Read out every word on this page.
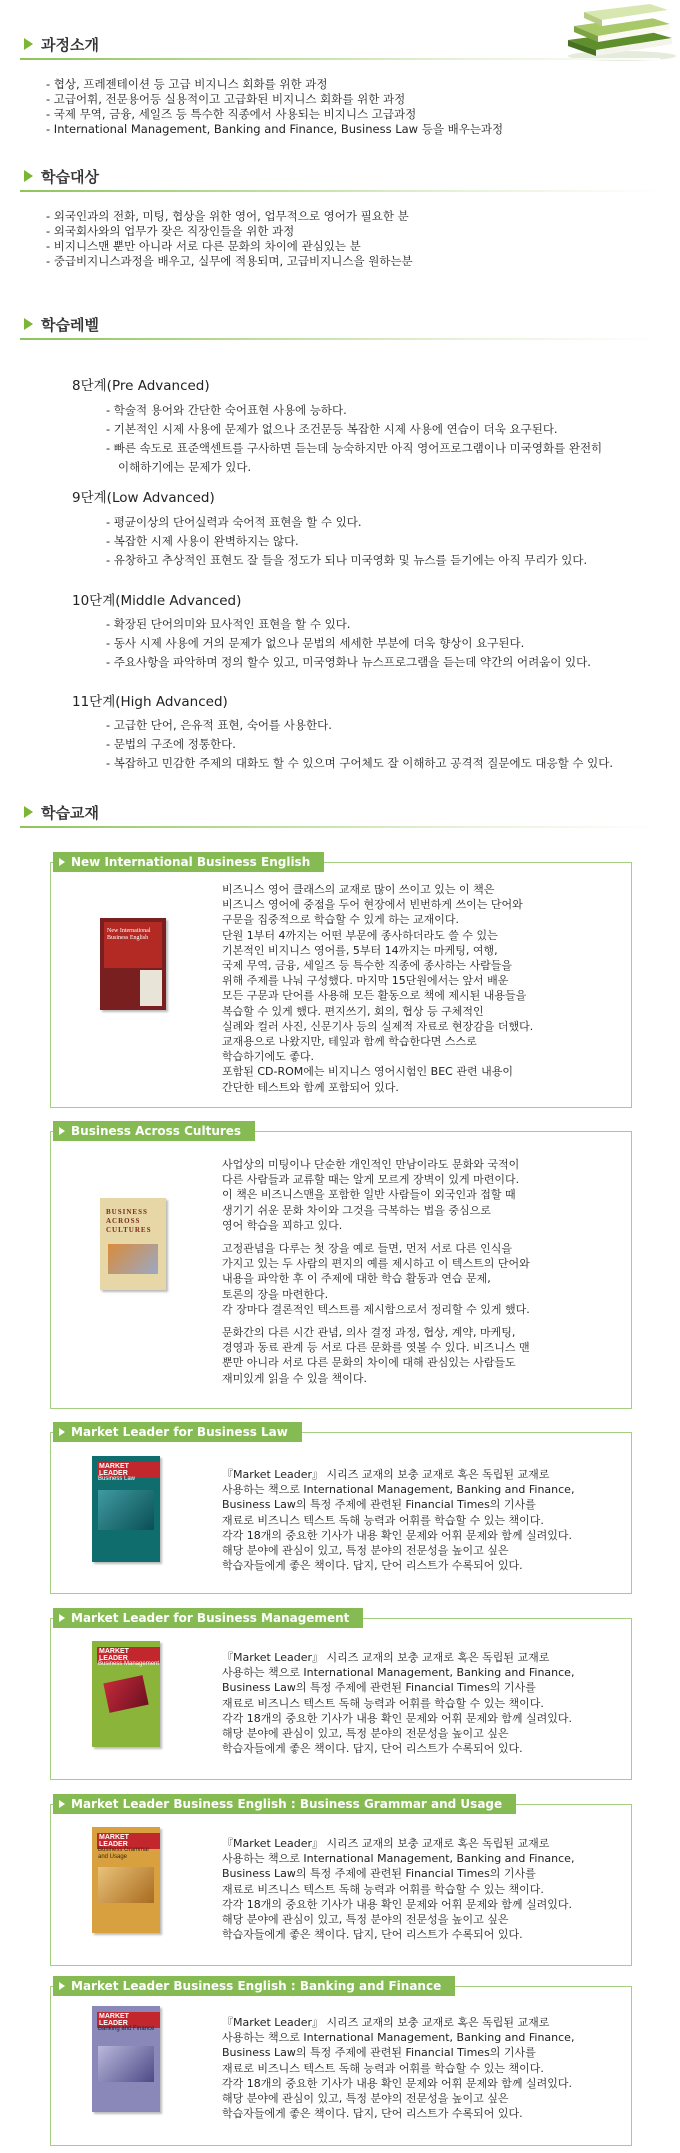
과정소개
- 협상, 프레젠테이션 등 고급 비지니스 회화를 위한 과정
- 고급어휘, 전문용어등 실용적이고 고급화된 비지니스 회화를 위한 과정
- 국제 무역, 금융, 세일즈 등 특수한 직종에서 사용되는 비지니스 고급과정
- International Management, Banking and Finance, Business Law 등을 배우는과정
학습대상
- 외국인과의 전화, 미팅, 협상을 위한 영어, 업무적으로 영어가 필요한 분
- 외국회사와의 업무가 잦은 직장인들을 위한 과정
- 비지니스맨 뿐만 아니라 서로 다른 문화의 차이에 관심있는 분
- 중급비지니스과정을 배우고, 실무에 적용되며, 고급비지니스을 원하는분
학습레벨
8단계(Pre Advanced)
- 학술적 용어와 간단한 숙어표현 사용에 능하다.
- 기본적인 시제 사용에 문제가 없으나 조건문등 복잡한 시제 사용에 연습이 더욱 요구된다.
- 빠른 속도로 표준액센트를 구사하면 듣는데 능숙하지만 아직 영어프로그램이나 미국영화를 완전히
이해하기에는 문제가 있다.
9단계(Low Advanced)
- 평균이상의 단어실력과 숙어적 표현을 할 수 있다.
- 복잡한 시제 사용이 완벽하지는 않다.
- 유창하고 추상적인 표현도 잘 들을 정도가 되나 미국영화 및 뉴스를 듣기에는 아직 무리가 있다.
10단계(Middle Advanced)
- 확장된 단어의미와 묘사적인 표현을 할 수 있다.
- 동사 시제 사용에 거의 문제가 없으나 문법의 세세한 부분에 더욱 향상이 요구된다.
- 주요사항을 파악하며 정의 할수 있고, 미국영화나 뉴스프로그램을 듣는데 약간의 어려움이 있다.
11단계(High Advanced)
- 고급한 단어, 은유적 표현, 숙어를 사용한다.
- 문법의 구조에 정통한다.
- 복잡하고 민감한 주제의 대화도 할 수 있으며 구어체도 잘 이해하고 공격적 질문에도 대응할 수 있다.
학습교재
New International Business English
New International Business English
비즈니스 영어 클래스의 교재로 많이 쓰이고 있는 이 책은
비즈니스 영어에 중점을 두어 현장에서 빈번하게 쓰이는 단어와
구문을 집중적으로 학습할 수 있게 하는 교재이다.
단원 1부터 4까지는 어떤 부문에 종사하더라도 쓸 수 있는
기본적인 비지니스 영어를, 5부터 14까지는 마케팅, 여행,
국제 무역, 금융, 세일즈 등 특수한 직종에 종사하는 사람들을
위해 주제를 나눠 구성했다. 마지막 15단원에서는 앞서 배운
모든 구문과 단어를 사용해 모든 활동으로 책에 제시된 내용들을
복습할 수 있게 했다. 편지쓰기, 회의, 협상 등 구체적인
실례와 컬러 사진, 신문기사 등의 실제적 자료로 현장감을 더했다.
교재용으로 나왔지만, 테잎과 함께 학습한다면 스스로
학습하기에도 좋다.
포함된 CD-ROM에는 비지니스 영어시험인 BEC 관련 내용이
간단한 테스트와 함께 포함되어 있다.
Business Across Cultures
BUSINESS ACROSS CULTURES
사업상의 미팅이나 단순한 개인적인 만남이라도 문화와 국적이
다른 사람들과 교류할 때는 알게 모르게 장벽이 있게 마련이다.
이 책은 비즈니스맨을 포함한 일반 사람들이 외국인과 접할 때
생기기 쉬운 문화 차이와 그것을 극복하는 법을 중심으로
영어 학습을 꾀하고 있다.
고정관념을 다루는 첫 장을 예로 들면, 먼저 서로 다른 인식을
가지고 있는 두 사람의 편지의 예를 제시하고 이 텍스트의 단어와
내용을 파악한 후 이 주제에 대한 학습 활동과 연습 문제,
토론의 장을 마련한다.
각 장마다 결론적인 텍스트를 제시함으로서 정리할 수 있게 했다.
문화간의 다른 시간 관념, 의사 결정 과정, 협상, 계약, 마케팅,
경영과 동료 관계 등 서로 다른 문화를 엿볼 수 있다. 비즈니스 맨
뿐만 아니라 서로 다른 문화의 차이에 대해 관심있는 사람들도
재미있게 읽을 수 있을 책이다.
Market Leader for Business Law
MARKET LEADER
Business Law	『Market Leader』 시리즈 교재의 보충 교재로 혹은 독립된 교재로
사용하는 책으로 International Management, Banking and Finance,
Business Law의 특정 주제에 관련된 Financial Times의 기사를
재료로 비즈니스 텍스트 독해 능력과 어휘를 학습할 수 있는 책이다.
각각 18개의 중요한 기사가 내용 확인 문제와 어휘 문제와 함께 실려있다.
해당 분야에 관심이 있고, 특정 분야의 전문성을 높이고 싶은
학습자들에게 좋은 책이다. 답지, 단어 리스트가 수록되어 있다.
Market Leader for Business Management
MARKET LEADER
Business Management	『Market Leader』 시리즈 교재의 보충 교재로 혹은 독립된 교재로
사용하는 책으로 International Management, Banking and Finance,
Business Law의 특정 주제에 관련된 Financial Times의 기사를
재료로 비즈니스 텍스트 독해 능력과 어휘를 학습할 수 있는 책이다.
각각 18개의 중요한 기사가 내용 확인 문제와 어휘 문제와 함께 실려있다.
해당 분야에 관심이 있고, 특정 분야의 전문성을 높이고 싶은
학습자들에게 좋은 책이다. 답지, 단어 리스트가 수록되어 있다.
Market Leader Business English : Business Grammar and Usage
MARKET LEADER
Business Grammar and Usage
『Market Leader』 시리즈 교재의 보충 교재로 혹은 독립된 교재로
사용하는 책으로 International Management, Banking and Finance,
Business Law의 특정 주제에 관련된 Financial Times의 기사를
재료로 비즈니스 텍스트 독해 능력과 어휘를 학습할 수 있는 책이다.
각각 18개의 중요한 기사가 내용 확인 문제와 어휘 문제와 함께 실려있다.
해당 분야에 관심이 있고, 특정 분야의 전문성을 높이고 싶은
학습자들에게 좋은 책이다. 답지, 단어 리스트가 수록되어 있다.
Market Leader Business English : Banking and Finance
MARKET LEADER
Banking and Finance	『Market Leader』 시리즈 교재의 보충 교재로 혹은 독립된 교재로
사용하는 책으로 International Management, Banking and Finance,
Business Law의 특정 주제에 관련된 Financial Times의 기사를
재료로 비즈니스 텍스트 독해 능력과 어휘를 학습할 수 있는 책이다.
각각 18개의 중요한 기사가 내용 확인 문제와 어휘 문제와 함께 실려있다.
해당 분야에 관심이 있고, 특정 분야의 전문성을 높이고 싶은
학습자들에게 좋은 책이다. 답지, 단어 리스트가 수록되어 있다.
